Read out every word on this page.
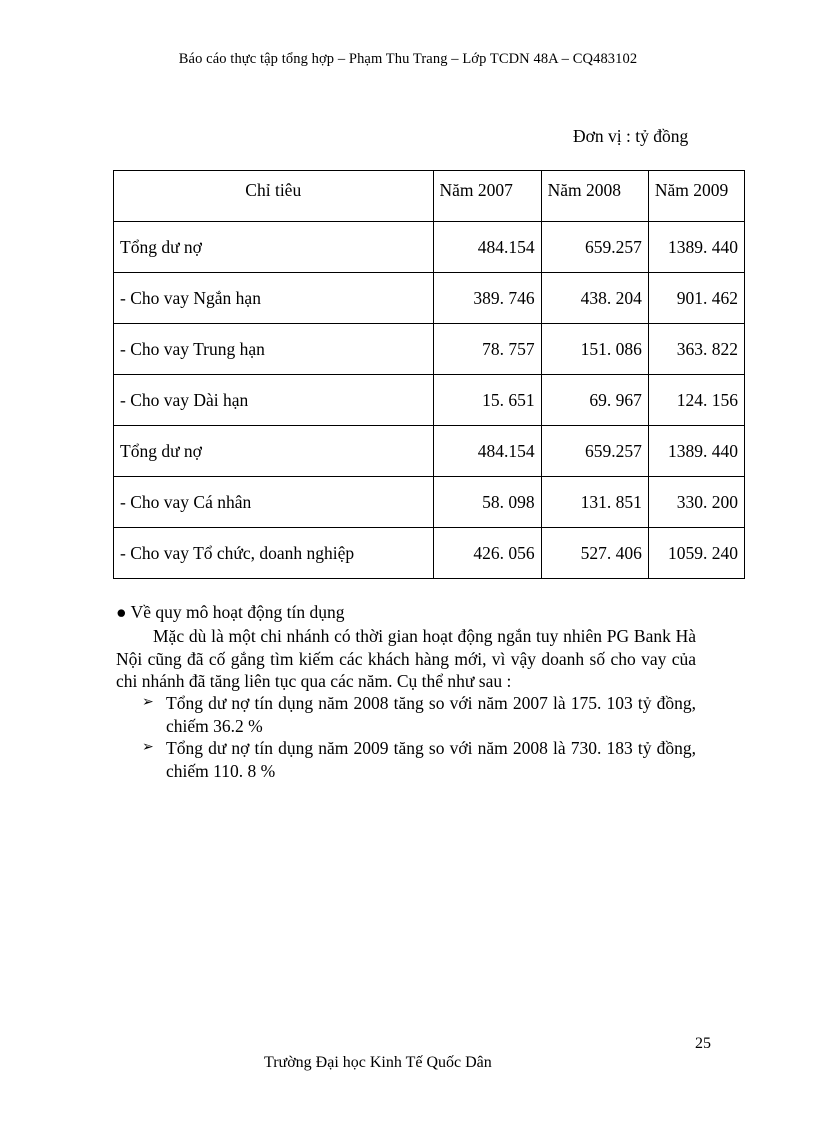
Báo cáo thực tập tổng hợp – Phạm Thu Trang – Lớp TCDN 48A – CQ483102
Đơn vị : tỷ đồng
Chỉ tiêu	Năm 2007	Năm 2008	Năm 2009
Tổng dư nợ	484.154	659.257	1389. 440
- Cho vay Ngắn hạn	389. 746	438. 204	901. 462
- Cho vay Trung hạn	78. 757	151. 086	363. 822
- Cho vay Dài hạn	15. 651	69. 967	124. 156
Tổng dư nợ	484.154	659.257	1389. 440
- Cho vay Cá nhân	58. 098	131. 851	330. 200
- Cho vay Tổ chức, doanh nghiệp	426. 056	527. 406	1059. 240
● Về quy mô hoạt động tín dụng
Mặc dù là một chi nhánh có thời gian hoạt động ngắn tuy nhiên PG Bank Hà Nội cũng đã cố gắng tìm kiếm các khách hàng mới, vì vậy doanh số cho vay của chi nhánh đã tăng liên tục qua các năm. Cụ thể như sau :
➢ Tổng dư nợ tín dụng năm 2008 tăng so với năm 2007 là 175. 103 tỷ đồng, chiếm 36.2 %
➢ Tổng dư nợ tín dụng năm 2009 tăng so với năm 2008 là 730. 183 tỷ đồng, chiếm 110. 8 %
25
Trường Đại học Kinh Tế Quốc Dân
